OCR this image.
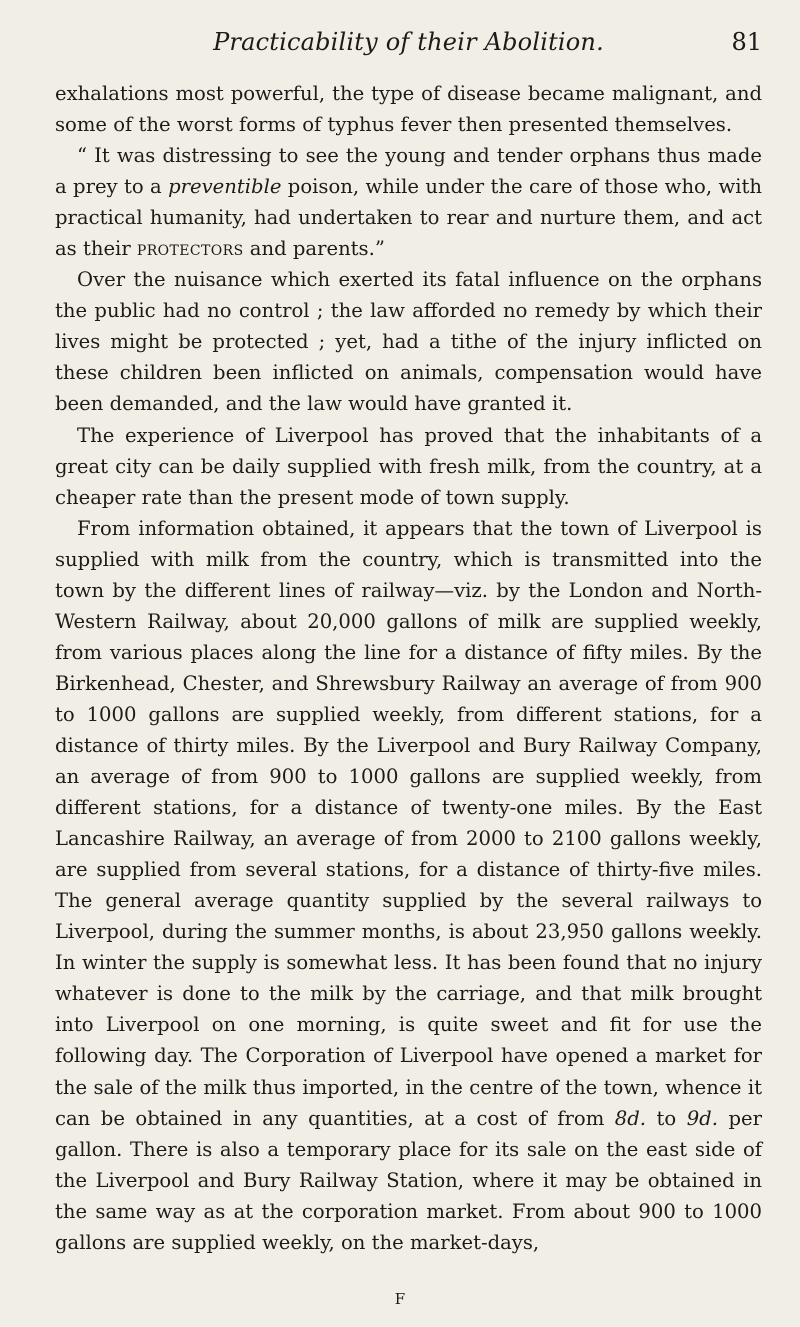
Practicability of their Abolition.	81

exhalations most powerful, the type of disease became malignant, and some of the worst forms of typhus fever then presented themselves.

“ It was distressing to see the young and tender orphans thus made a prey to a preventible poison, while under the care of those who, with practical humanity, had undertaken to rear and nurture them, and act as their protectors and parents.”

Over the nuisance which exerted its fatal influence on the orphans the public had no control ; the law afforded no remedy by which their lives might be protected ; yet, had a tithe of the injury inflicted on these children been inflicted on animals, compensation would have been demanded, and the law would have granted it.

The experience of Liverpool has proved that the inhabitants of a great city can be daily supplied with fresh milk, from the country, at a cheaper rate than the present mode of town supply.

From information obtained, it appears that the town of Liverpool is supplied with milk from the country, which is transmitted into the town by the different lines of railway—viz. by the London and North-Western Railway, about 20,000 gallons of milk are supplied weekly, from various places along the line for a distance of fifty miles. By the Birkenhead, Chester, and Shrewsbury Railway an average of from 900 to 1000 gallons are supplied weekly, from different stations, for a distance of thirty miles. By the Liverpool and Bury Railway Company, an average of from 900 to 1000 gallons are supplied weekly, from different stations, for a distance of twenty-one miles. By the East Lancashire Railway, an average of from 2000 to 2100 gallons weekly, are supplied from several stations, for a distance of thirty-five miles. The general average quantity supplied by the several railways to Liverpool, during the summer months, is about 23,950 gallons weekly. In winter the supply is somewhat less. It has been found that no injury whatever is done to the milk by the carriage, and that milk brought into Liverpool on one morning, is quite sweet and fit for use the following day. The Corporation of Liverpool have opened a market for the sale of the milk thus imported, in the centre of the town, whence it can be obtained in any quantities, at a cost of from 8d. to 9d. per gallon. There is also a temporary place for its sale on the east side of the Liverpool and Bury Railway Station, where it may be obtained in the same way as at the corporation market. From about 900 to 1000 gallons are supplied weekly, on the market-days,

F
